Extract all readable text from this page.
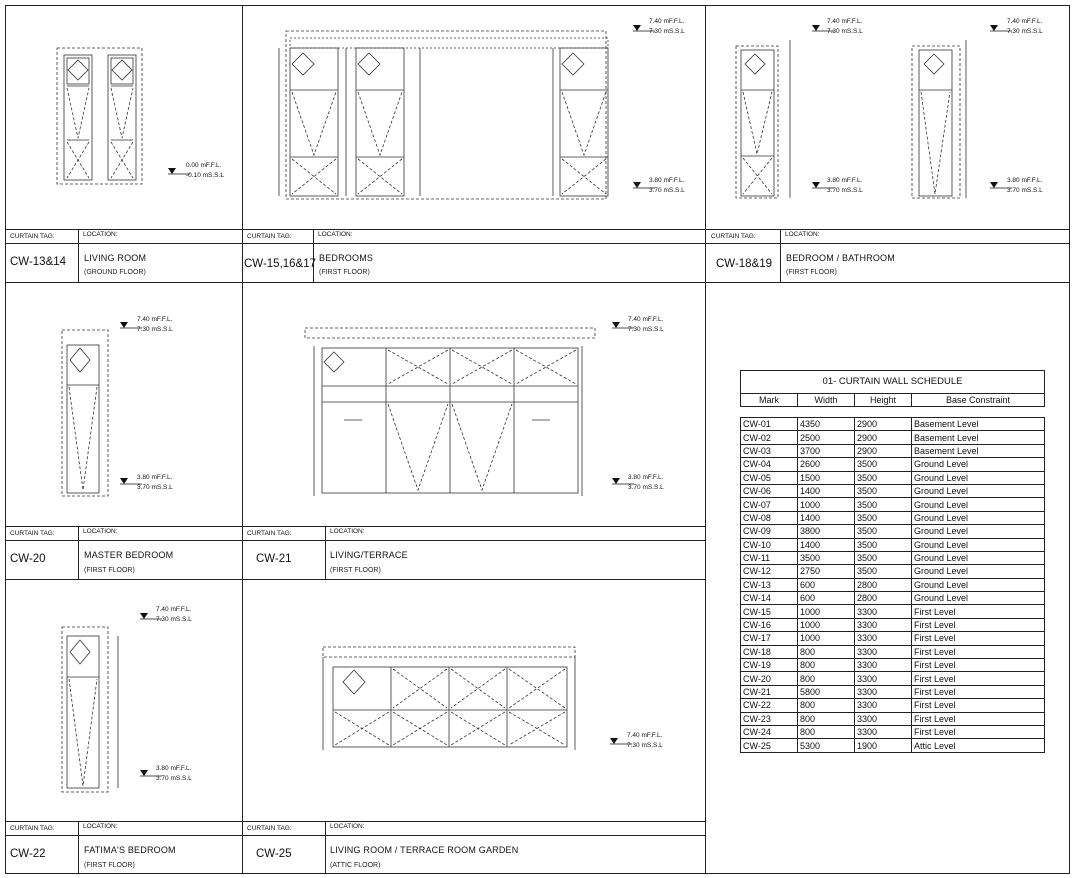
0.00 mF.F.L.
-0.10 mS.S.L
7.40 mF.F.L.
7.30 mS.S.L
3.80 mF.F.L.
3.70 mS.S.L
7.40 mF.F.L.
7.30 mS.S.L
7.40 mF.F.L.
7.30 mS.S.L
3.80 mF.F.L.
3.70 mS.S.L
3.80 mF.F.L.
3.70 mS.S.L
7.40 mF.F.L.
7.30 mS.S.L
3.80 mF.F.L.
3.70 mS.S.L
7.40 mF.F.L.
7.30 mS.S.L
3.80 mF.F.L.
3.70 mS.S.L
7.40 mF.F.L.
7.30 mS.S.L
3.80 mF.F.L.
3.70 mS.S.L
7.40 mF.F.L.
7.30 mS.S.L
CURTAIN TAG:	LOCATION:
CW-13&14 LIVING ROOM
(GROUND FLOOR)
CURTAIN TAG:	LOCATION:
CW-15,16&17 BEDROOMS
(FIRST FLOOR)
CURTAIN TAG:	LOCATION:
CW-18&19 BEDROOM / BATHROOM
(FIRST FLOOR)
CURTAIN TAG:	LOCATION:
CW-20	MASTER BEDROOM
(FIRST FLOOR)
CURTAIN TAG:	LOCATION:
CW-21	LIVING/TERRACE
(FIRST FLOOR)
CURTAIN TAG:	LOCATION:
CW-22	FATIMA'S BEDROOM
(FIRST FLOOR)
CURTAIN TAG:	LOCATION:
CW-25	LIVING ROOM / TERRACE ROOM GARDEN
(ATTIC FLOOR)
01- CURTAIN WALL SCHEDULE			
Mark	Width	Height	Base Constraint

CW-01	4350	2900	Basement Level
CW-02	2500	2900	Basement Level
CW-03	3700	2900	Basement Level
CW-04	2600	3500	Ground Level
CW-05	1500	3500	Ground Level
CW-06	1400	3500	Ground Level
CW-07	1000	3500	Ground Level
CW-08	1400	3500	Ground Level
CW-09	3800	3500	Ground Level
CW-10	1400	3500	Ground Level
CW-11	3500	3500	Ground Level
CW-12	2750	3500	Ground Level
CW-13	600	2800	Ground Level
CW-14	600	2800	Ground Level
CW-15	1000	3300	First Level
CW-16	1000	3300	First Level
CW-17	1000	3300	First Level
CW-18	800	3300	First Level
CW-19	800	3300	First Level
CW-20	800	3300	First Level
CW-21	5800	3300	First Level
CW-22	800	3300	First Level
CW-23	800	3300	First Level
CW-24	800	3300	First Level
CW-25	5300	1900	Attic Level
